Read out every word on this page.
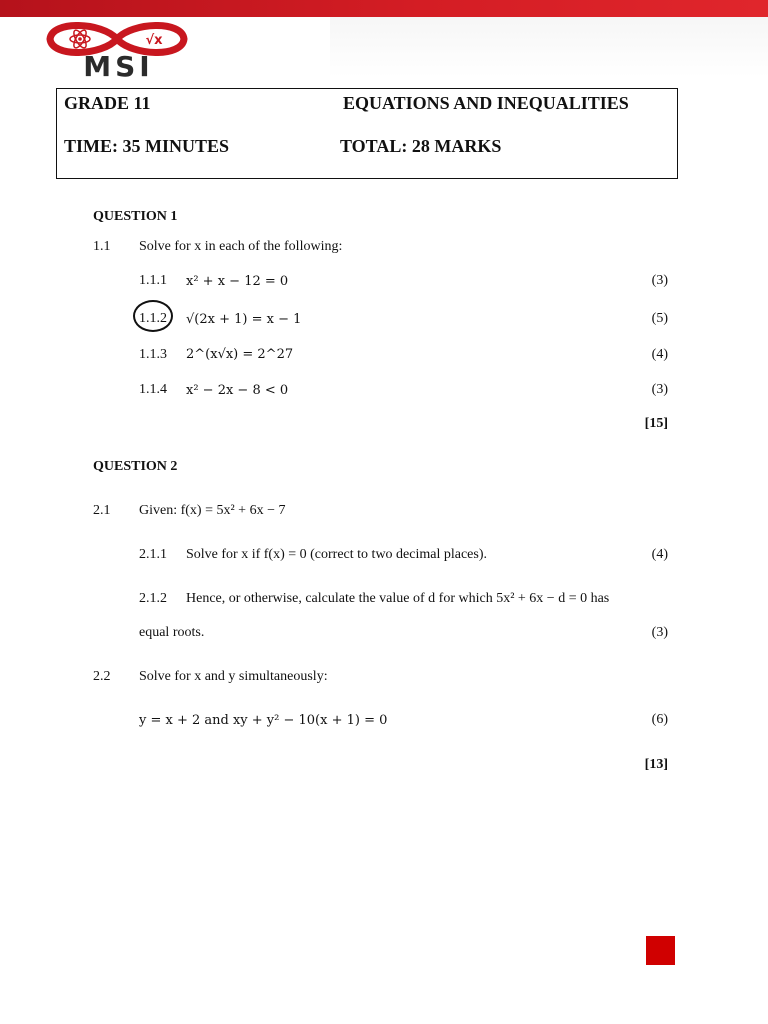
√x
MSI
GRADE 11	EQUATIONS AND INEQUALITIES
TIME: 35 MINUTES	TOTAL: 28 MARKS
QUESTION 1
1.1 Solve for x in each of the following:
1.1.1 x² + x − 12 = 0	(3)
1.1.2 √(2x + 1) = x − 1	(5)
1.1.3 2^(x√x) = 2^27	(4)
1.1.4 x² − 2x − 8 < 0	(3)
[15]
QUESTION 2
2.1 Given: f(x) = 5x² + 6x − 7
2.1.1 Solve for x if f(x) = 0 (correct to two decimal places).	(4)
2.1.2 Hence, or otherwise, calculate the value of d for which 5x² + 6x − d = 0 has
equal roots.	(3)
2.2 Solve for x and y simultaneously:
y = x + 2 and xy + y² − 10(x + 1) = 0	(6)
[13]
